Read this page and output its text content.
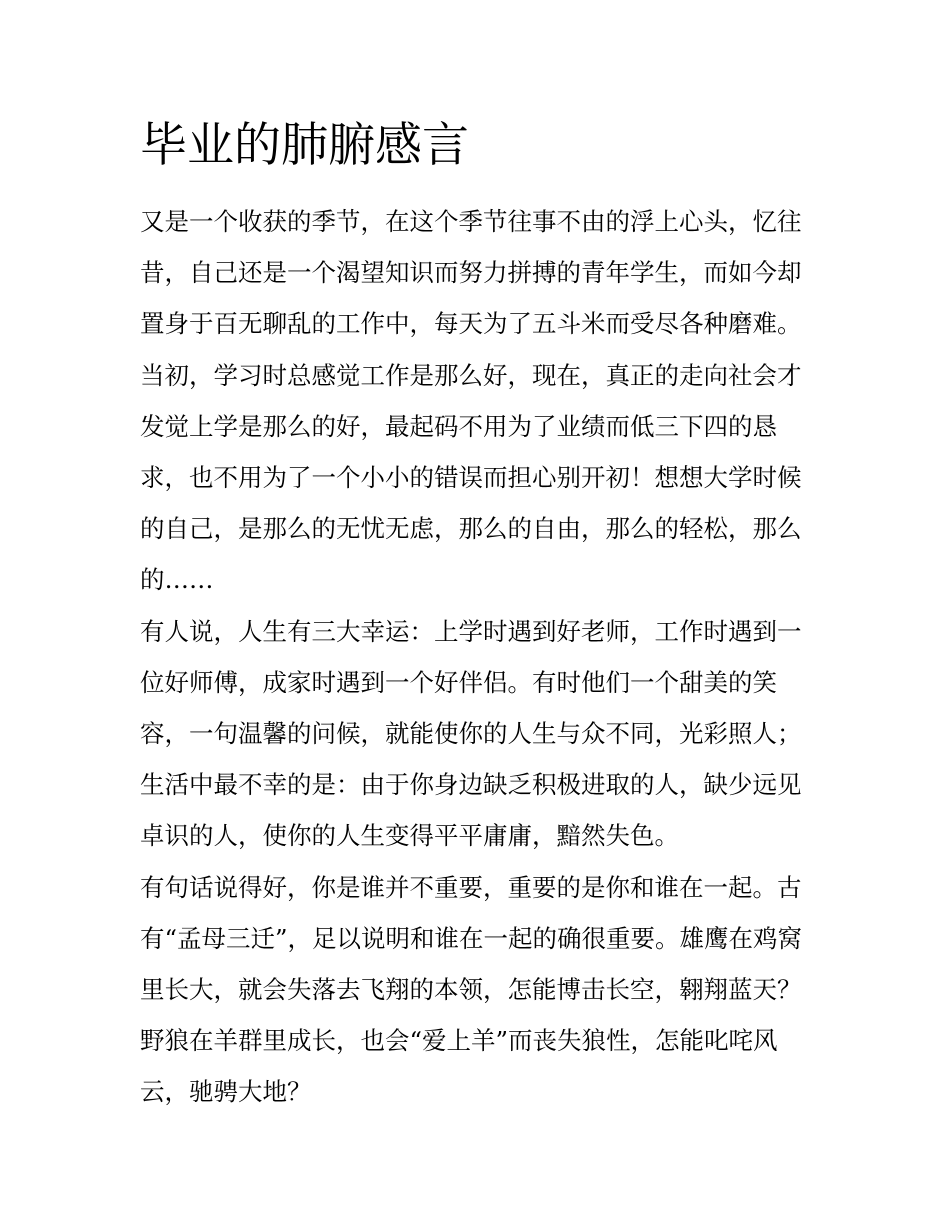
毕业的肺腑感言

又是一个收获的季节，在这个季节往事不由的浮上心头，忆往昔，自己还是一个渴望知识而努力拼搏的青年学生，而如今却置身于百无聊乱的工作中，每天为了五斗米而受尽各种磨难。当初，学习时总感觉工作是那么好，现在，真正的走向社会才发觉上学是那么的好，最起码不用为了业绩而低三下四的恳求，也不用为了一个小小的错误而担心别开初！想想大学时候的自己，是那么的无忧无虑，那么的自由，那么的轻松，那么的……

有人说，人生有三大幸运：上学时遇到好老师，工作时遇到一位好师傅，成家时遇到一个好伴侣。有时他们一个甜美的笑容，一句温馨的问候，就能使你的人生与众不同，光彩照人；生活中最不幸的是：由于你身边缺乏积极进取的人，缺少远见卓识的人，使你的人生变得平平庸庸，黯然失色。

有句话说得好，你是谁并不重要，重要的是你和谁在一起。古有“孟母三迁”，足以说明和谁在一起的确很重要。雄鹰在鸡窝里长大，就会失落去飞翔的本领，怎能博击长空，翱翔蓝天？野狼在羊群里成长，也会“爱上羊”而丧失狼性，怎能叱咤风云，驰骋大地？
